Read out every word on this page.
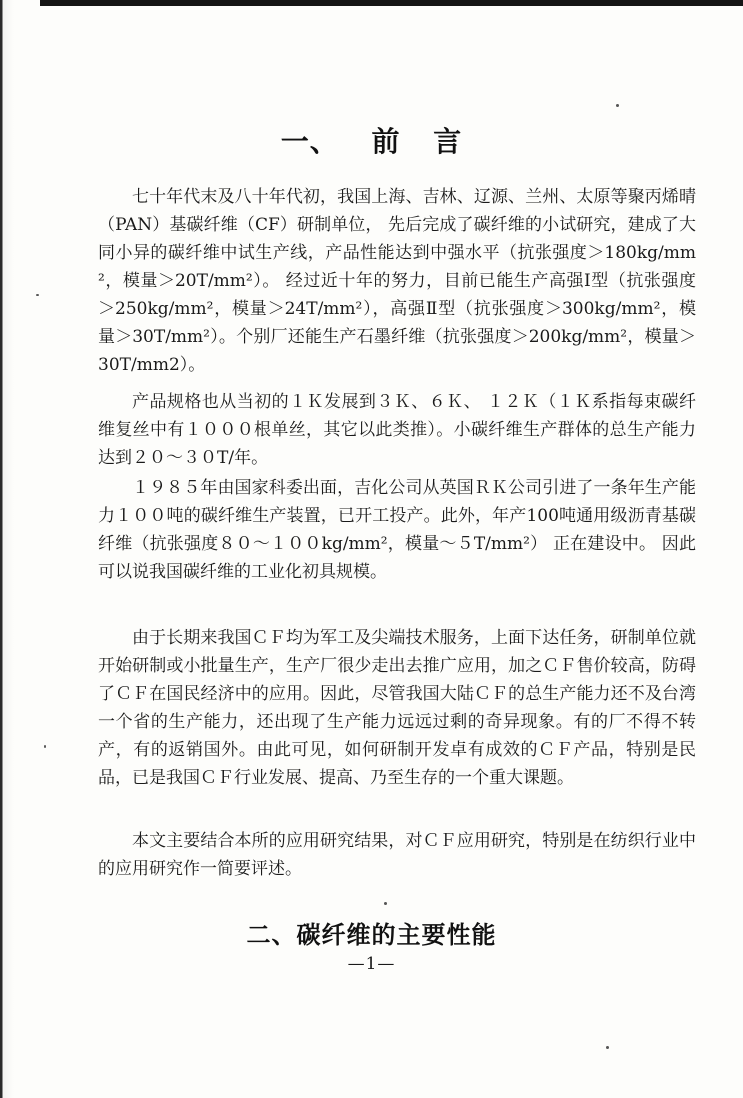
一、 前 言

七十年代末及八十年代初，我国上海、吉林、辽源、兰州、太原等聚丙烯晴（PAN）基碳纤维（CF）研制单位， 先后完成了碳纤维的小试研究，建成了大同小异的碳纤维中试生产线，产品性能达到中强水平（抗张强度＞180kg/mm²，模量＞20T/mm²）。 经过近十年的努力，目前已能生产高强Ⅰ型（抗张强度＞250kg/mm²，模量＞24T/mm²），高强Ⅱ型（抗张强度＞300kg/mm²，模量＞30T/mm²）。个别厂还能生产石墨纤维（抗张强度＞200kg/mm²，模量＞30T/mm2）。

产品规格也从当初的１Ｋ发展到３Ｋ、６Ｋ、 １２Ｋ（１Ｋ系指每束碳纤维复丝中有１０００根单丝，其它以此类推）。小碳纤维生产群体的总生产能力达到２０～３０T/年。

１９８５年由国家科委出面，吉化公司从英国ＲＫ公司引进了一条年生产能力１００吨的碳纤维生产装置，已开工投产。此外，年产100吨通用级沥青基碳纤维（抗张强度８０～１００kg/mm²，模量～５T/mm²） 正在建设中。 因此可以说我国碳纤维的工业化初具规模。

由于长期来我国ＣＦ均为军工及尖端技术服务，上面下达任务，研制单位就开始研制或小批量生产，生产厂很少走出去推广应用，加之ＣＦ售价较高，防碍了ＣＦ在国民经济中的应用。因此，尽管我国大陆ＣＦ的总生产能力还不及台湾一个省的生产能力，还出现了生产能力远远过剩的奇异现象。有的厂不得不转产，有的返销国外。由此可见，如何研制开发卓有成效的ＣＦ产品，特别是民品，已是我国ＣＦ行业发展、提高、乃至生存的一个重大课题。

本文主要结合本所的应用研究结果，对ＣＦ应用研究，特别是在纺织行业中的应用研究作一简要评述。

二、碳纤维的主要性能
—1—
